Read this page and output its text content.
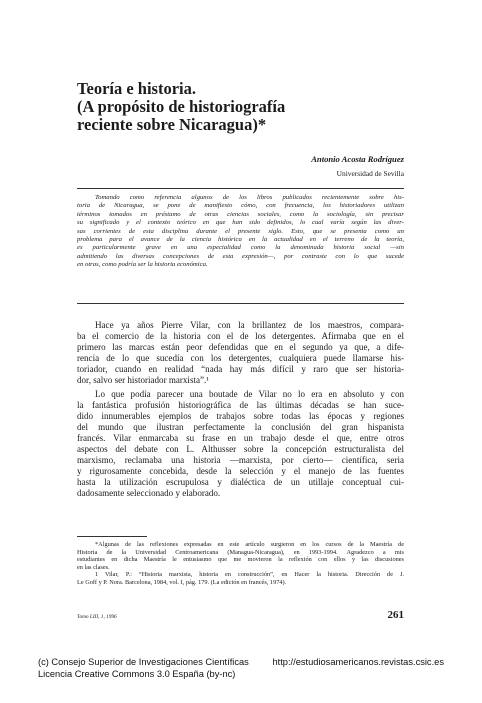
Teoría e historia.
(A propósito de historiografía
reciente sobre Nicaragua)*
Antonio Acosta Rodríguez
Universidad de Sevilla
Tomando como referencia algunos de los libros publicados recientemente sobre his-
toria de Nicaragua, se pone de manifiesto cómo, con frecuencia, los historiadores utilizan
términos tomados en préstamo de otras ciencias sociales, como la sociología, sin precisar
su significado y el contexto teórico en que han sido definidos, lo cual varía según las diver-
sas corrientes de esta disciplina durante el presente siglo. Esto, que se presenta como un
problema para el avance de la ciencia histórica en la actualidad en el terreno de la teoría,
es particularmente grave en una especialidad como la denominada historia social —sin
admitiendo las diversas concepciones de esta expresión—, por contraste con lo que sucede
en otras, como podría ser la historia económica.
Hace ya años Pierre Vilar, con la brillantez de los maestros, compara-
ba el comercio de la historia con el de los detergentes. Afirmaba que en el
primero las marcas están peor defendidas que en el segundo ya que, a dife-
rencia de lo que sucedía con los detergentes, cualquiera puede llamarse his-
toriador, cuando en realidad “nada hay más difícil y raro que ser historia-
dor, salvo ser historiador marxista”.¹
Lo que podía parecer una boutade de Vilar no lo era en absoluto y con
la fantástica profusión historiográfica de las últimas décadas se han suce-
dido innumerables ejemplos de trabajos sobre todas las épocas y regiones
del mundo que ilustran perfectamente la conclusión del gran hispanista
francés. Vilar enmarcaba su frase en un trabajo desde el que, entre otros
aspectos del debate con L. Althusser sobre la concepción estructuralista del
marxismo, reclamaba una historia —marxista, por cierto— científica, seria
y rigurosamente concebida, desde la selección y el manejo de las fuentes
hasta la utilización escrupulosa y dialéctica de un utillaje conceptual cui-
dadosamente seleccionado y elaborado.
*Algunas de las reflexiones expresadas en este artículo surgieron en los cursos de la Maestría de
Historia de la Universidad Centroamericana (Managua-Nicaragua), en 1993-1994. Agradezco a mis
estudiantes en dicha Maestría le entusiasmo que me movieron la reflexión con ellos y las discusiones
en las clases.
1 Vilar, P.: “Historia marxista, historia en construcción”, en Hacer la historia. Dirección de J.
Le Goff y P. Nora. Barcelona, 1984, vol. I, pág. 179. (La edición en francés, 1974).
Tomo LIII, 1, 1996	261
(c) Consejo Superior de Investigaciones Científicas
Licencia Creative Commons 3.0 España (by-nc)
http://estudiosamericanos.revistas.csic.es
